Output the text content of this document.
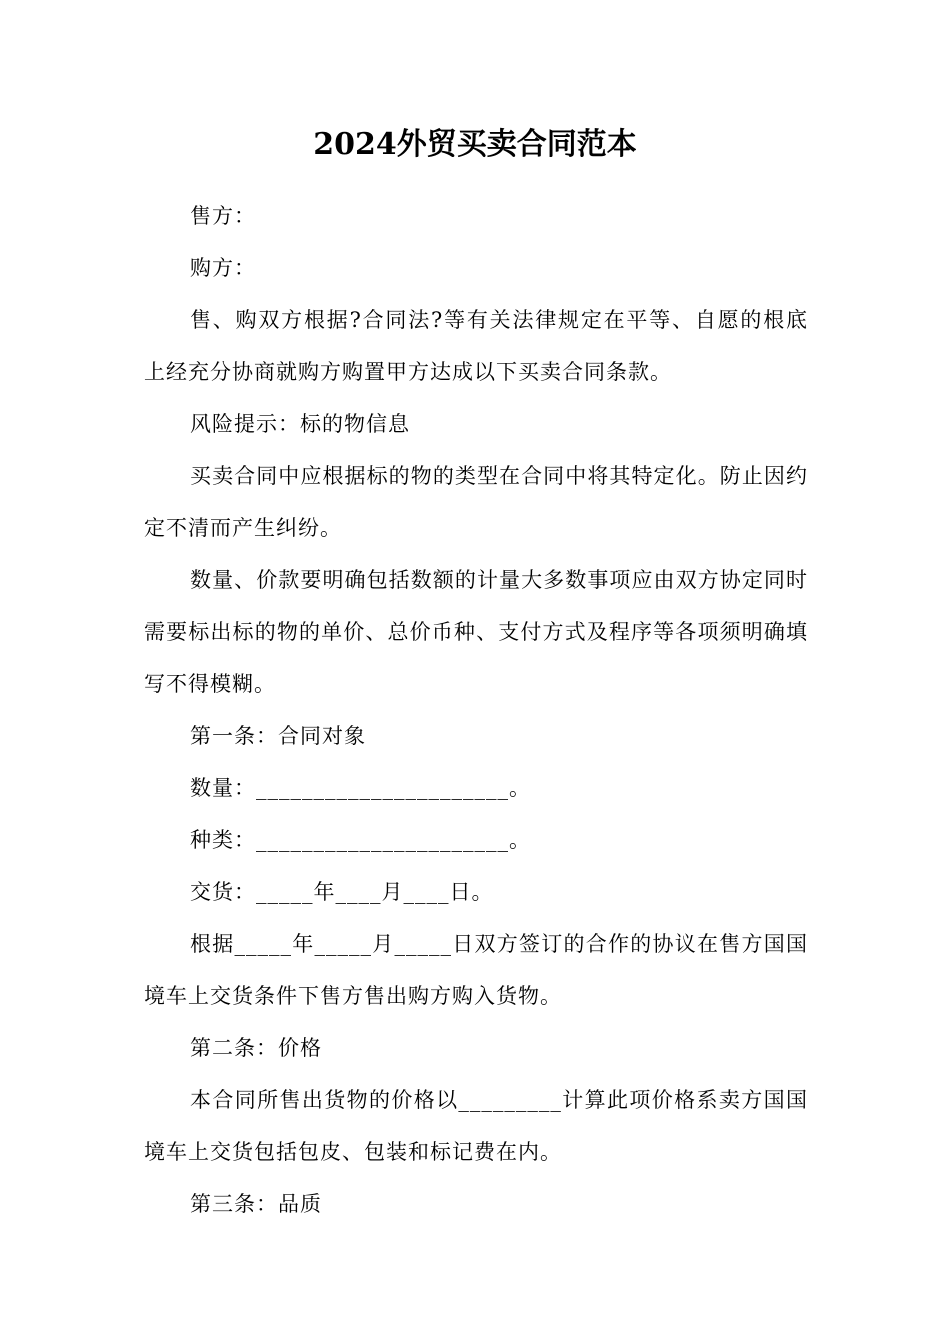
2024外贸买卖合同范本

售方：

购方：

售、购双方根据?合同法?等有关法律规定在平等、自愿的根底上经充分协商就购方购置甲方达成以下买卖合同条款。

风险提示：标的物信息

买卖合同中应根据标的物的类型在合同中将其特定化。防止因约定不清而产生纠纷。

数量、价款要明确包括数额的计量大多数事项应由双方协定同时需要标出标的物的单价、总价币种、支付方式及程序等各项须明确填写不得模糊。

第一条：合同对象

数量：______________________。

种类：______________________。

交货：_____年____月____日。

根据_____年_____月_____日双方签订的合作的协议在售方国国境车上交货条件下售方售出购方购入货物。

第二条：价格

本合同所售出货物的价格以_________计算此项价格系卖方国国境车上交货包括包皮、包装和标记费在内。

第三条：品质
